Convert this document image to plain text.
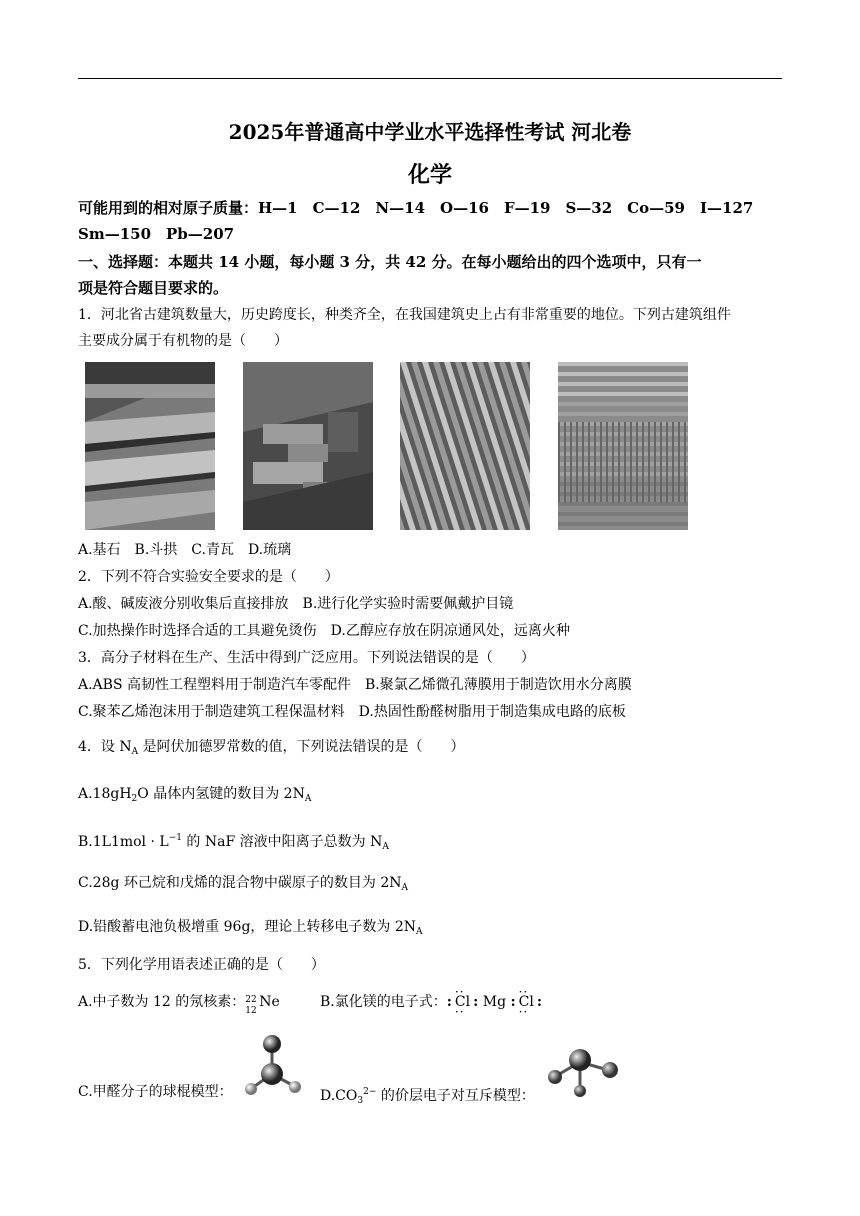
2025年普通高中学业水平选择性考试 河北卷
化学
可能用到的相对原子质量：H—1　C—12　N—14　O—16　F—19　S—32　Co—59　I—127
Sm—150　Pb—207
一、选择题：本题共 14 小题，每小题 3 分，共 42 分。在每小题给出的四个选项中，只有一
项是符合题目要求的。
1．河北省古建筑数量大，历史跨度长，种类齐全，在我国建筑史上占有非常重要的地位。下列古建筑组件
主要成分属于有机物的是（　　）
A.基石　B.斗拱　C.青瓦　D.琉璃
2．下列不符合实验安全要求的是（　　）
A.酸、碱废液分别收集后直接排放　B.进行化学实验时需要佩戴护目镜
C.加热操作时选择合适的工具避免烫伤　D.乙醇应存放在阴凉通风处，远离火种
3．高分子材料在生产、生活中得到广泛应用。下列说法错误的是（　　）
A.ABS 高韧性工程塑料用于制造汽车零配件　B.聚氯乙烯微孔薄膜用于制造饮用水分离膜
C.聚苯乙烯泡沫用于制造建筑工程保温材料　D.热固性酚醛树脂用于制造集成电路的底板
4．设 $N_A$ 是阿伏加德罗常数的值，下列说法错误的是（　　）
$A.18gH_2O$ 晶体内氢键的数目为 $2N_A$
$B.1L1mol \cdot L^{-1}$ 的 NaF 溶液中阳离子总数为 $N_A$
C.28g 环己烷和戊烯的混合物中碳原子的数目为 $2N_A$
D.铅酸蓄电池负极增重 96g，理论上转移电子数为 $2N_A$
5．下列化学用语表述正确的是（　　）
A.中子数为 12 的氖核素： 22
12
Ne	B.氯化镁的电子式：: ·· Cl ·· : Mg : ·· Cl ·· :
C.甲醛分子的球棍模型：	$D.CO_3^{2-}$ 的价层电子对互斥模型：
